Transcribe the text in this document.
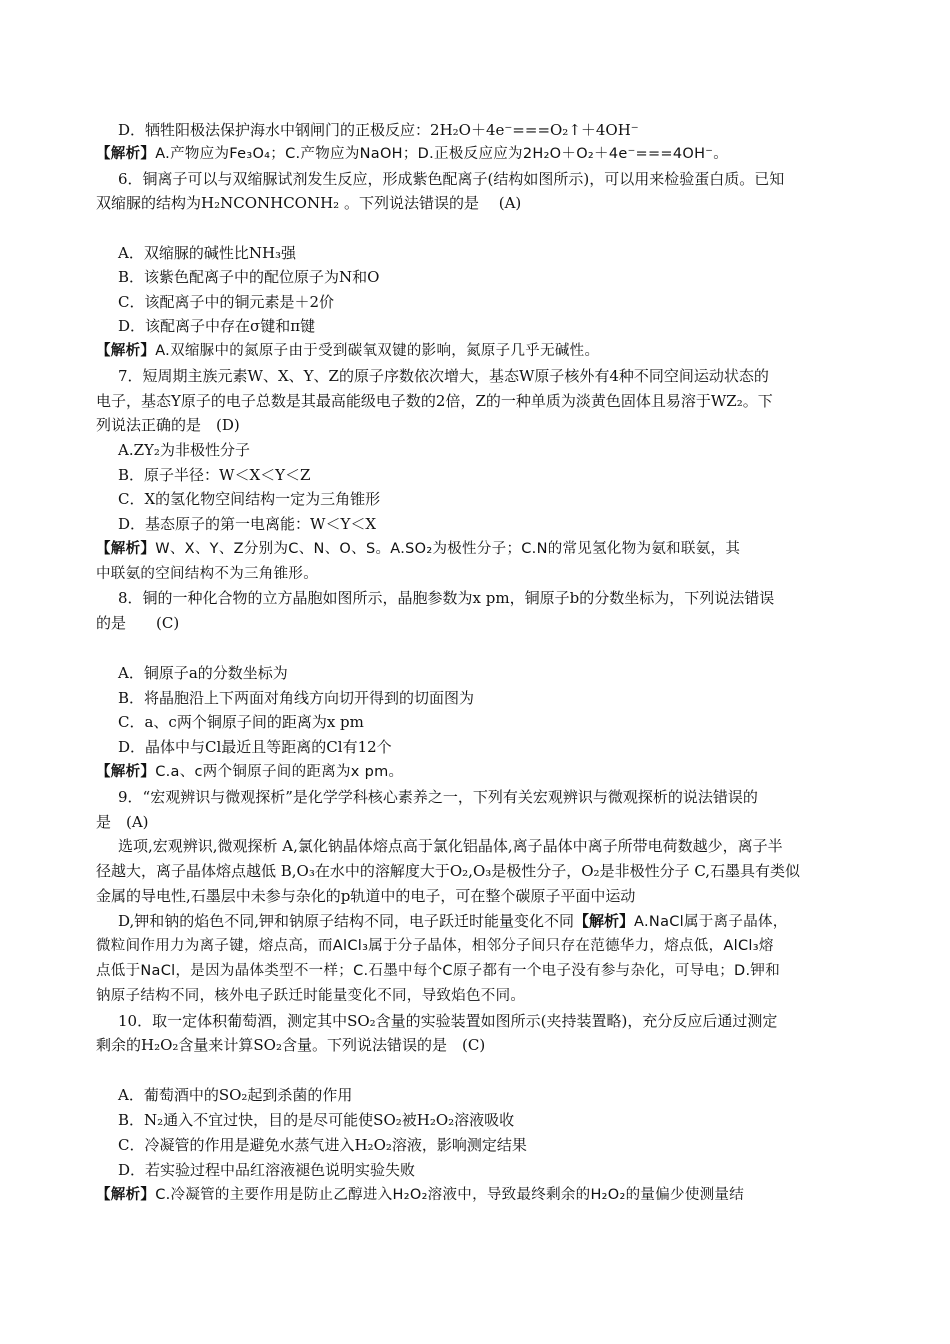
D．牺牲阳极法保护海水中钢闸门的正极反应：2H₂O＋4e⁻===O₂↑＋4OH⁻
【解析】A.产物应为Fe₃O₄；C.产物应为NaOH；D.正极反应应为2H₂O＋O₂＋4e⁻===4OH⁻。
6．铜离子可以与双缩脲试剂发生反应，形成紫色配离子(结构如图所示)，可以用来检验蛋白质。已知
双缩脲的结构为H₂NCONHCONH₂ 。下列说法错误的是　 (A)
A．双缩脲的碱性比NH₃强
B．该紫色配离子中的配位原子为N和O
C．该配离子中的铜元素是＋2价
D．该配离子中存在σ键和π键
【解析】A.双缩脲中的氮原子由于受到碳氧双键的影响，氮原子几乎无碱性。
7．短周期主族元素W、X、Y、Z的原子序数依次增大，基态W原子核外有4种不同空间运动状态的
电子，基态Y原子的电子总数是其最高能级电子数的2倍，Z的一种单质为淡黄色固体且易溶于WZ₂。下
列说法正确的是　(D)
A.ZY₂为非极性分子
B．原子半径：W＜X＜Y＜Z
C．X的氢化物空间结构一定为三角锥形
D．基态原子的第一电离能：W＜Y＜X
【解析】W、X、Y、Z分别为C、N、O、S。A.SO₂为极性分子；C.N的常见氢化物为氨和联氨，其
中联氨的空间结构不为三角锥形。
8．铜的一种化合物的立方晶胞如图所示，晶胞参数为x pm，铜原子b的分数坐标为，下列说法错误
的是　　(C)
A．铜原子a的分数坐标为
B．将晶胞沿上下两面对角线方向切开得到的切面图为
C．a、c两个铜原子间的距离为x pm
D．晶体中与Cl最近且等距离的Cl有12个
【解析】C.a、c两个铜原子间的距离为x pm。
9．“宏观辨识与微观探析”是化学学科核心素养之一，下列有关宏观辨识与微观探析的说法错误的
是　(A)
选项,宏观辨识,微观探析 A,氯化钠晶体熔点高于氯化铝晶体,离子晶体中离子所带电荷数越少，离子半
径越大，离子晶体熔点越低 B,O₃在水中的溶解度大于O₂,O₃是极性分子，O₂是非极性分子 C,石墨具有类似
金属的导电性,石墨层中未参与杂化的p轨道中的电子，可在整个碳原子平面中运动
D,钾和钠的焰色不同,钾和钠原子结构不同，电子跃迁时能量变化不同【解析】A.NaCl属于离子晶体，
微粒间作用力为离子键，熔点高，而AlCl₃属于分子晶体，相邻分子间只存在范德华力，熔点低，AlCl₃熔
点低于NaCl，是因为晶体类型不一样；C.石墨中每个C原子都有一个电子没有参与杂化，可导电；D.钾和
钠原子结构不同，核外电子跃迁时能量变化不同，导致焰色不同。
10．取一定体积葡萄酒，测定其中SO₂含量的实验装置如图所示(夹持装置略)，充分反应后通过测定
剩余的H₂O₂含量来计算SO₂含量。下列说法错误的是　(C)
A．葡萄酒中的SO₂起到杀菌的作用
B．N₂通入不宜过快，目的是尽可能使SO₂被H₂O₂溶液吸收
C．冷凝管的作用是避免水蒸气进入H₂O₂溶液，影响测定结果
D．若实验过程中品红溶液褪色说明实验失败
【解析】C.冷凝管的主要作用是防止乙醇进入H₂O₂溶液中，导致最终剩余的H₂O₂的量偏少使测量结
